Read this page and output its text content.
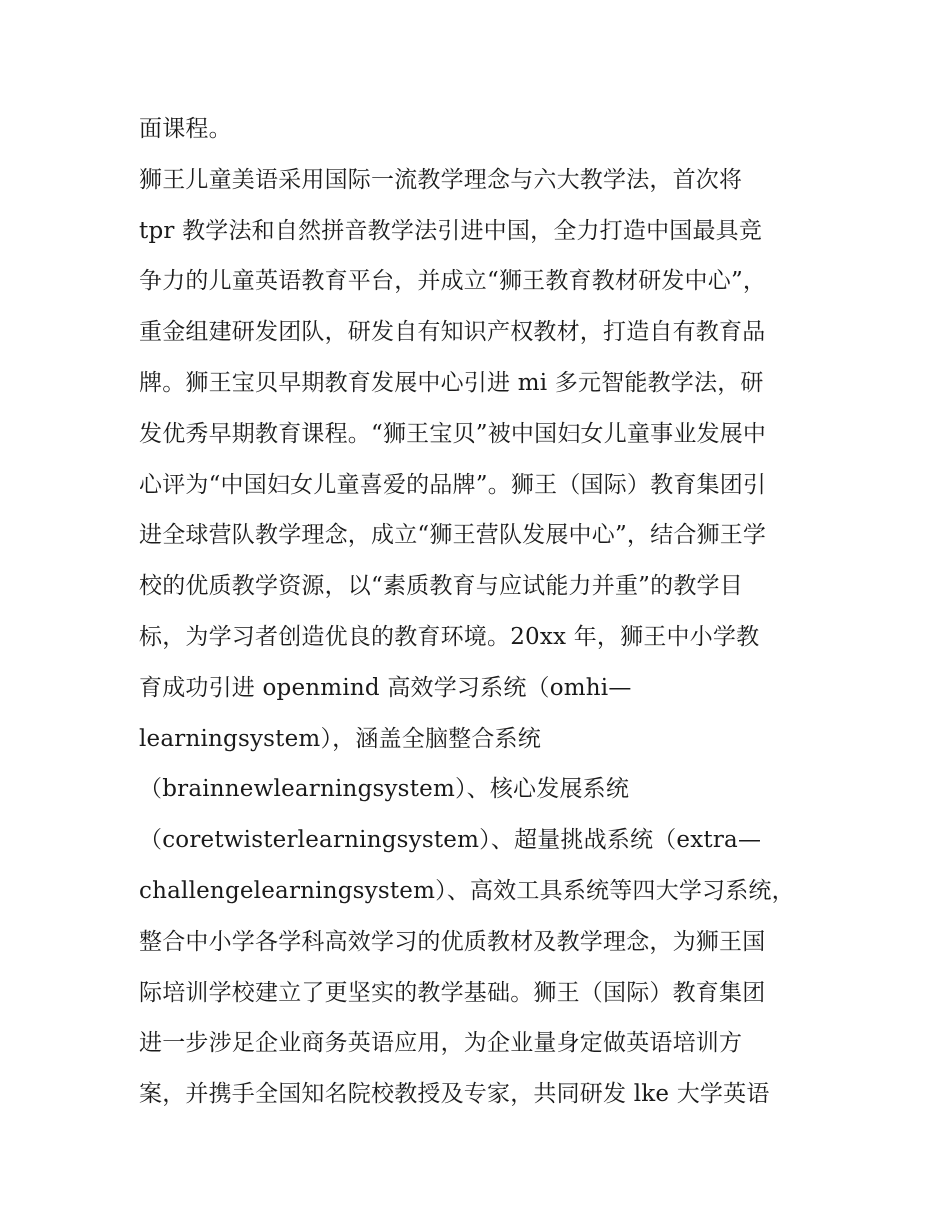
面课程。
狮王儿童美语采用国际一流教学理念与六大教学法，首次将
tpr 教学法和自然拼音教学法引进中国，全力打造中国最具竞
争力的儿童英语教育平台，并成立“狮王教育教材研发中心”，
重金组建研发团队，研发自有知识产权教材，打造自有教育品
牌。狮王宝贝早期教育发展中心引进 mi 多元智能教学法，研
发优秀早期教育课程。“狮王宝贝”被中国妇女儿童事业发展中
心评为“中国妇女儿童喜爱的品牌”。狮王（国际）教育集团引
进全球营队教学理念，成立“狮王营队发展中心”，结合狮王学
校的优质教学资源，以“素质教育与应试能力并重”的教学目
标，为学习者创造优良的教育环境。20xx 年，狮王中小学教
育成功引进 openmind 高效学习系统（omhi—
learningsystem），涵盖全脑整合系统
（brainnewlearningsystem）、核心发展系统
（coretwisterlearningsystem）、超量挑战系统（extra—
challengelearningsystem）、高效工具系统等四大学习系统，
整合中小学各学科高效学习的优质教材及教学理念，为狮王国
际培训学校建立了更坚实的教学基础。狮王（国际）教育集团
进一步涉足企业商务英语应用，为企业量身定做英语培训方
案，并携手全国知名院校教授及专家，共同研发 lke 大学英语
